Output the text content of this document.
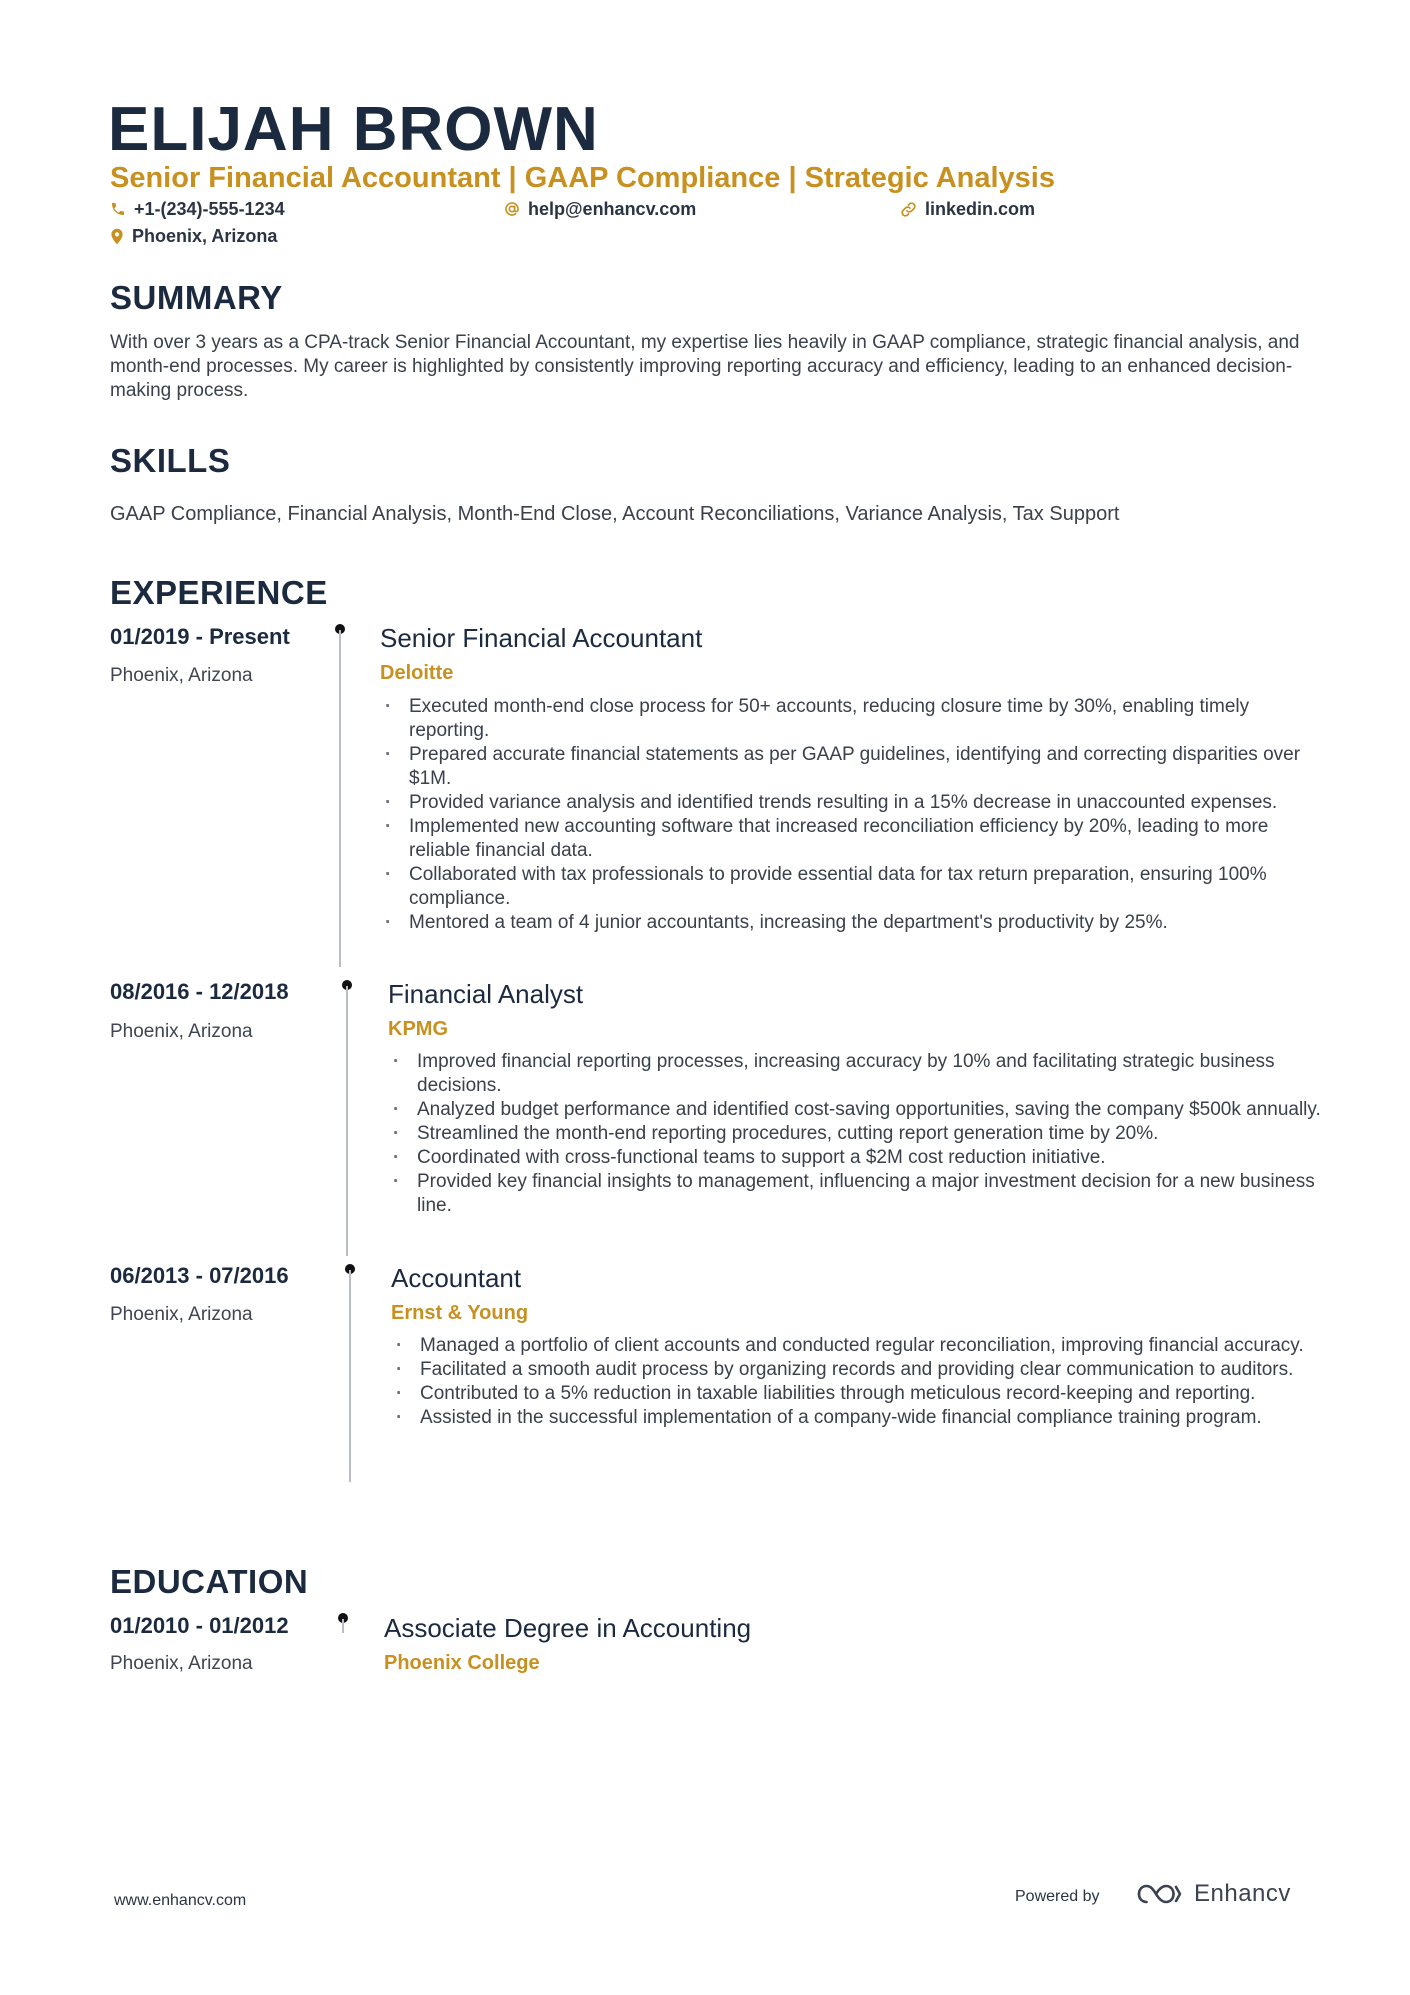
ELIJAH BROWN
Senior Financial Accountant | GAAP Compliance | Strategic Analysis
+1-(234)-555-1234	help@enhancv.com	linkedin.com
Phoenix, Arizona
SUMMARY

With over 3 years as a CPA-track Senior Financial Accountant, my expertise lies heavily in GAAP compliance, strategic financial analysis, and month-end processes. My career is highlighted by consistently improving reporting accuracy and efficiency, leading to an enhanced decision-making process.

SKILLS

GAAP Compliance, Financial Analysis, Month-End Close, Account Reconciliations, Variance Analysis, Tax Support

EXPERIENCE
01/2019 - Present
Phoenix, Arizona
Senior Financial Accountant
Deloitte
· Executed month-end close process for 50+ accounts, reducing closure time by 30%, enabling timely reporting.
· Prepared accurate financial statements as per GAAP guidelines, identifying and correcting disparities over $1M.
· Provided variance analysis and identified trends resulting in a 15% decrease in unaccounted expenses.
· Implemented new accounting software that increased reconciliation efficiency by 20%, leading to more reliable financial data.
· Collaborated with tax professionals to provide essential data for tax return preparation, ensuring 100% compliance.
· Mentored a team of 4 junior accountants, increasing the department's productivity by 25%.
08/2016 - 12/2018
Phoenix, Arizona
Financial Analyst
KPMG
· Improved financial reporting processes, increasing accuracy by 10% and facilitating strategic business decisions.
· Analyzed budget performance and identified cost-saving opportunities, saving the company $500k annually.
· Streamlined the month-end reporting procedures, cutting report generation time by 20%.
· Coordinated with cross-functional teams to support a $2M cost reduction initiative.
· Provided key financial insights to management, influencing a major investment decision for a new business line.
06/2013 - 07/2016
Phoenix, Arizona
Accountant
Ernst & Young
· Managed a portfolio of client accounts and conducted regular reconciliation, improving financial accuracy.
· Facilitated a smooth audit process by organizing records and providing clear communication to auditors.
· Contributed to a 5% reduction in taxable liabilities through meticulous record-keeping and reporting.
· Assisted in the successful implementation of a company-wide financial compliance training program.
EDUCATION
01/2010 - 01/2012
Phoenix, Arizona
Associate Degree in Accounting
Phoenix College
www.enhancv.com	Powered by	Enhancv
